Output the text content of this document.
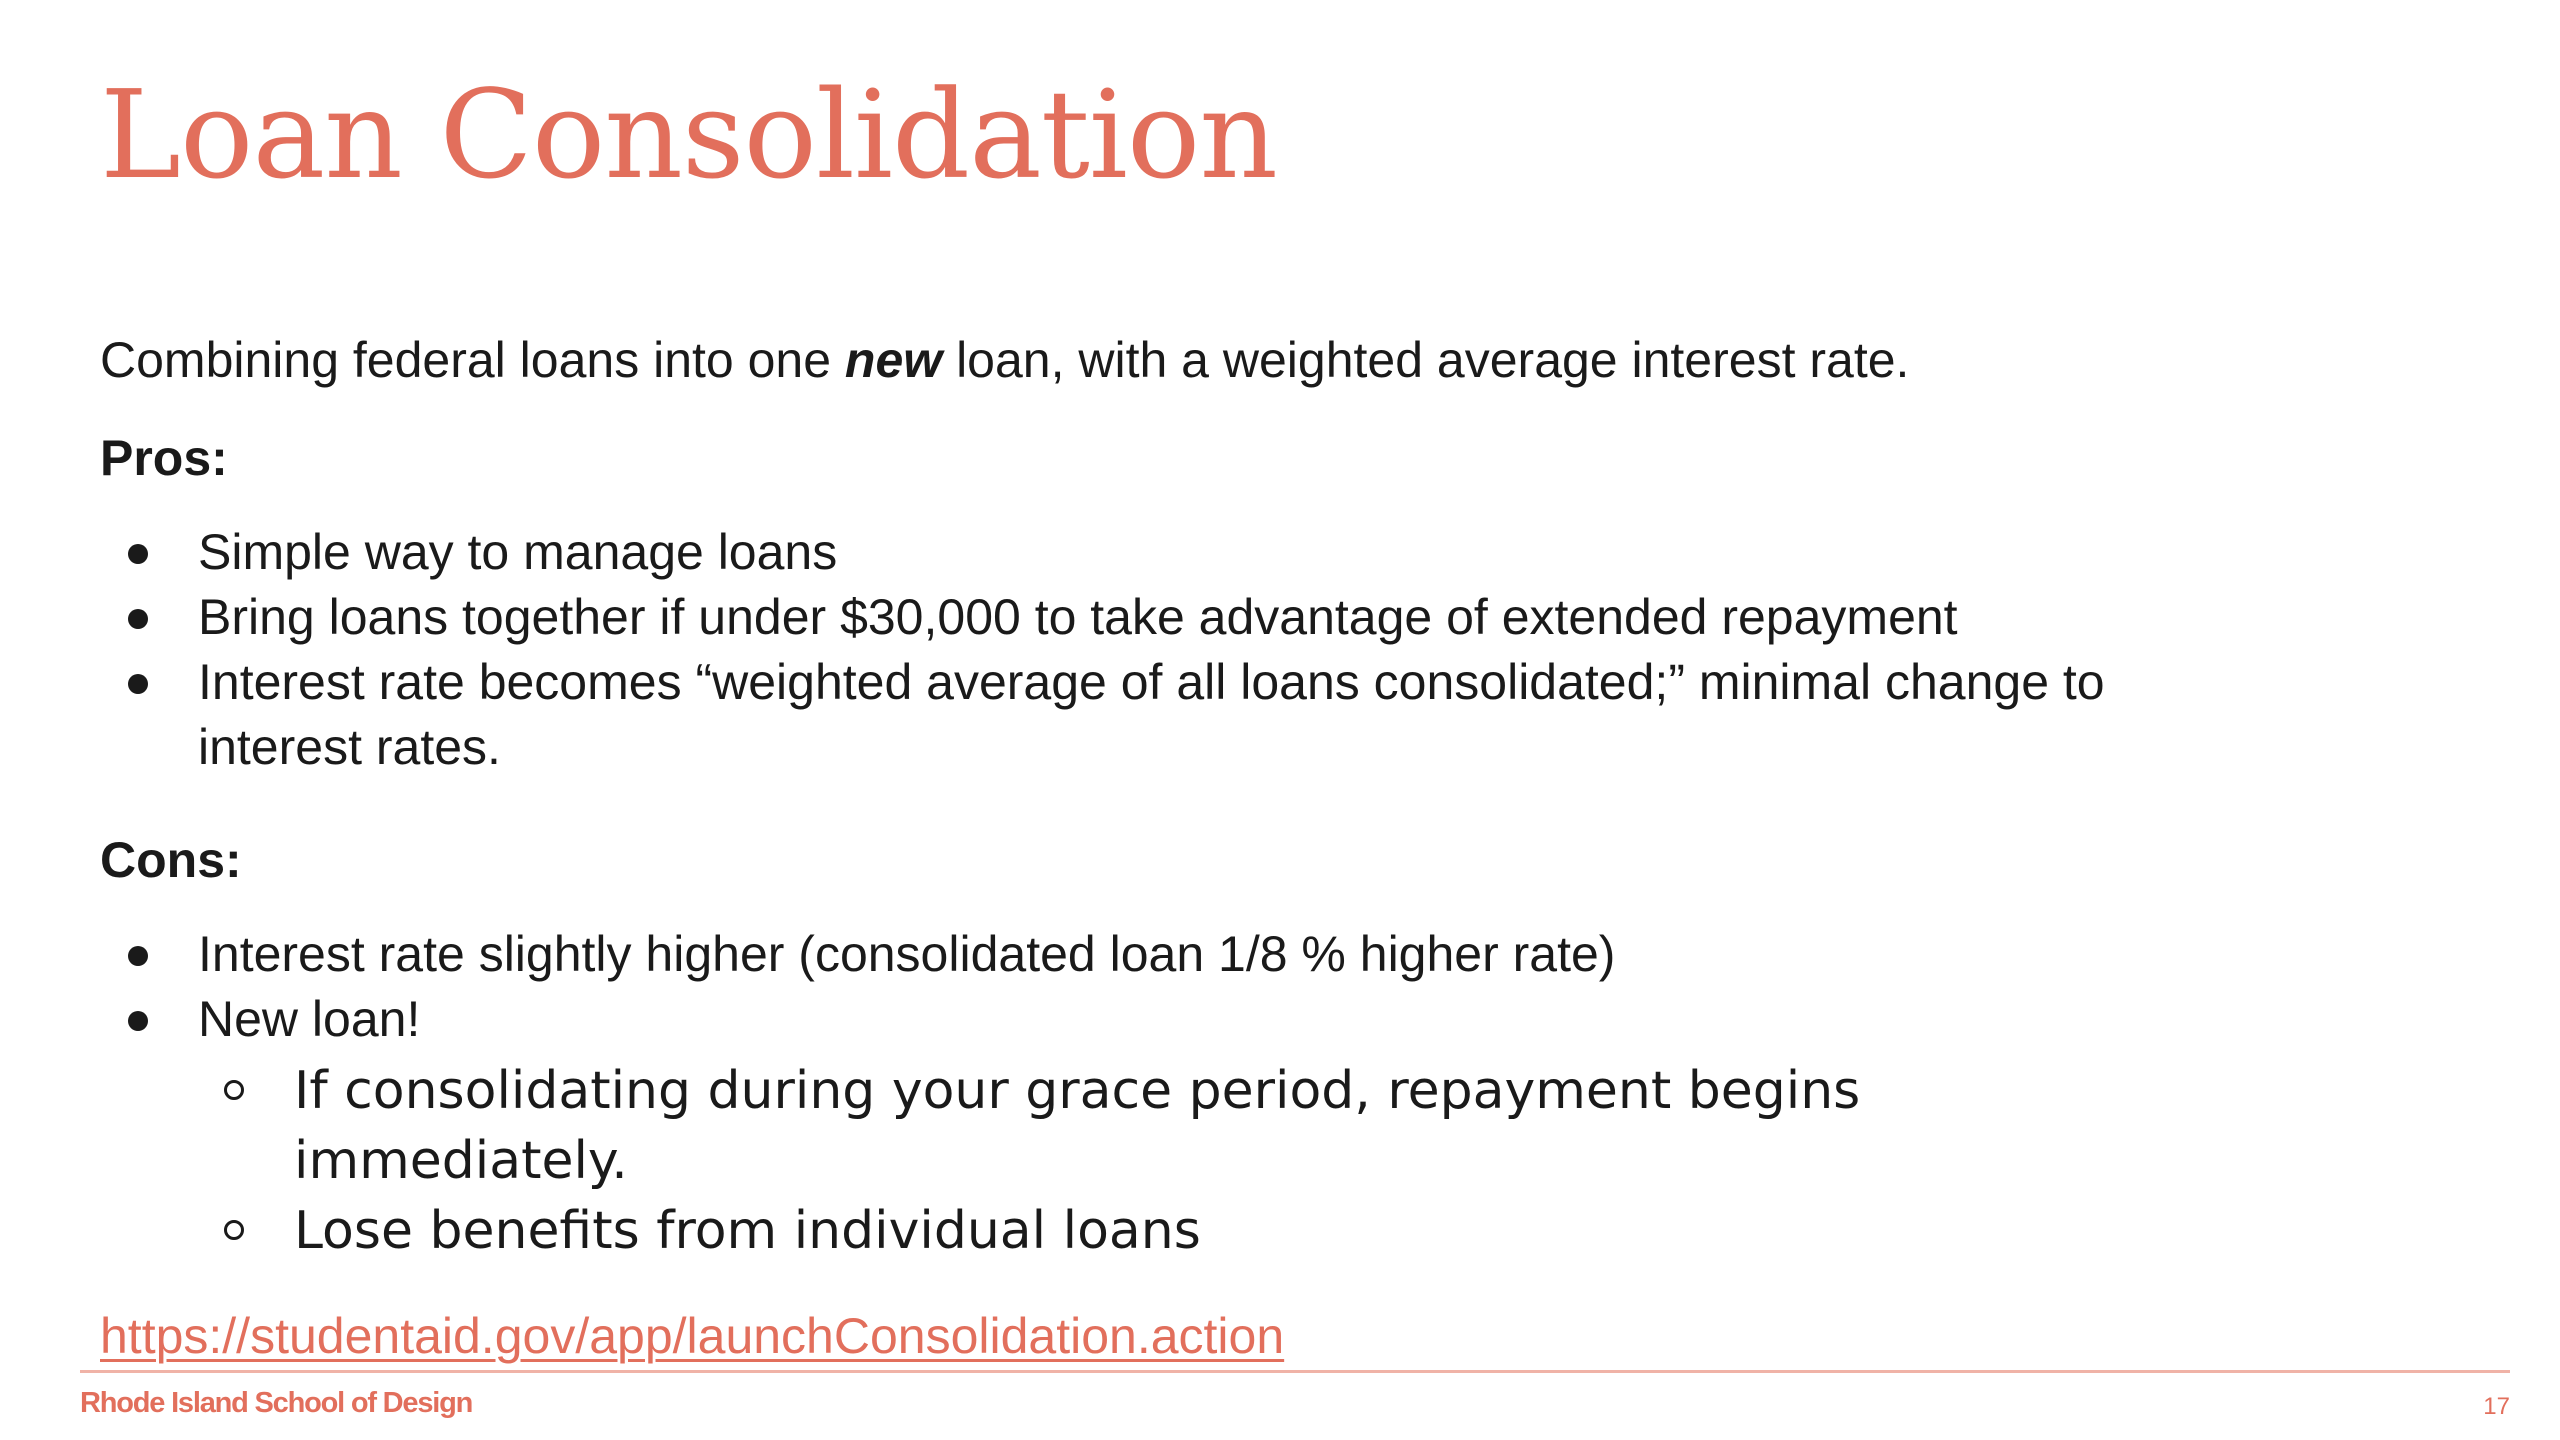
Loan Consolidation

Combining federal loans into one new loan, with a weighted average interest rate.

Pros:
Simple way to manage loans
Bring loans together if under $30,000 to take advantage of extended repayment
Interest rate becomes “weighted average of all loans consolidated;” minimal change to interest rates.
Cons:
Interest rate slightly higher (consolidated loan 1/8 % higher rate)
New loan!
If consolidating during your grace period, repayment begins immediately.
Lose benefits from individual loans
https://studentaid.gov/app/launchConsolidation.action
Rhode Island School of Design	17
